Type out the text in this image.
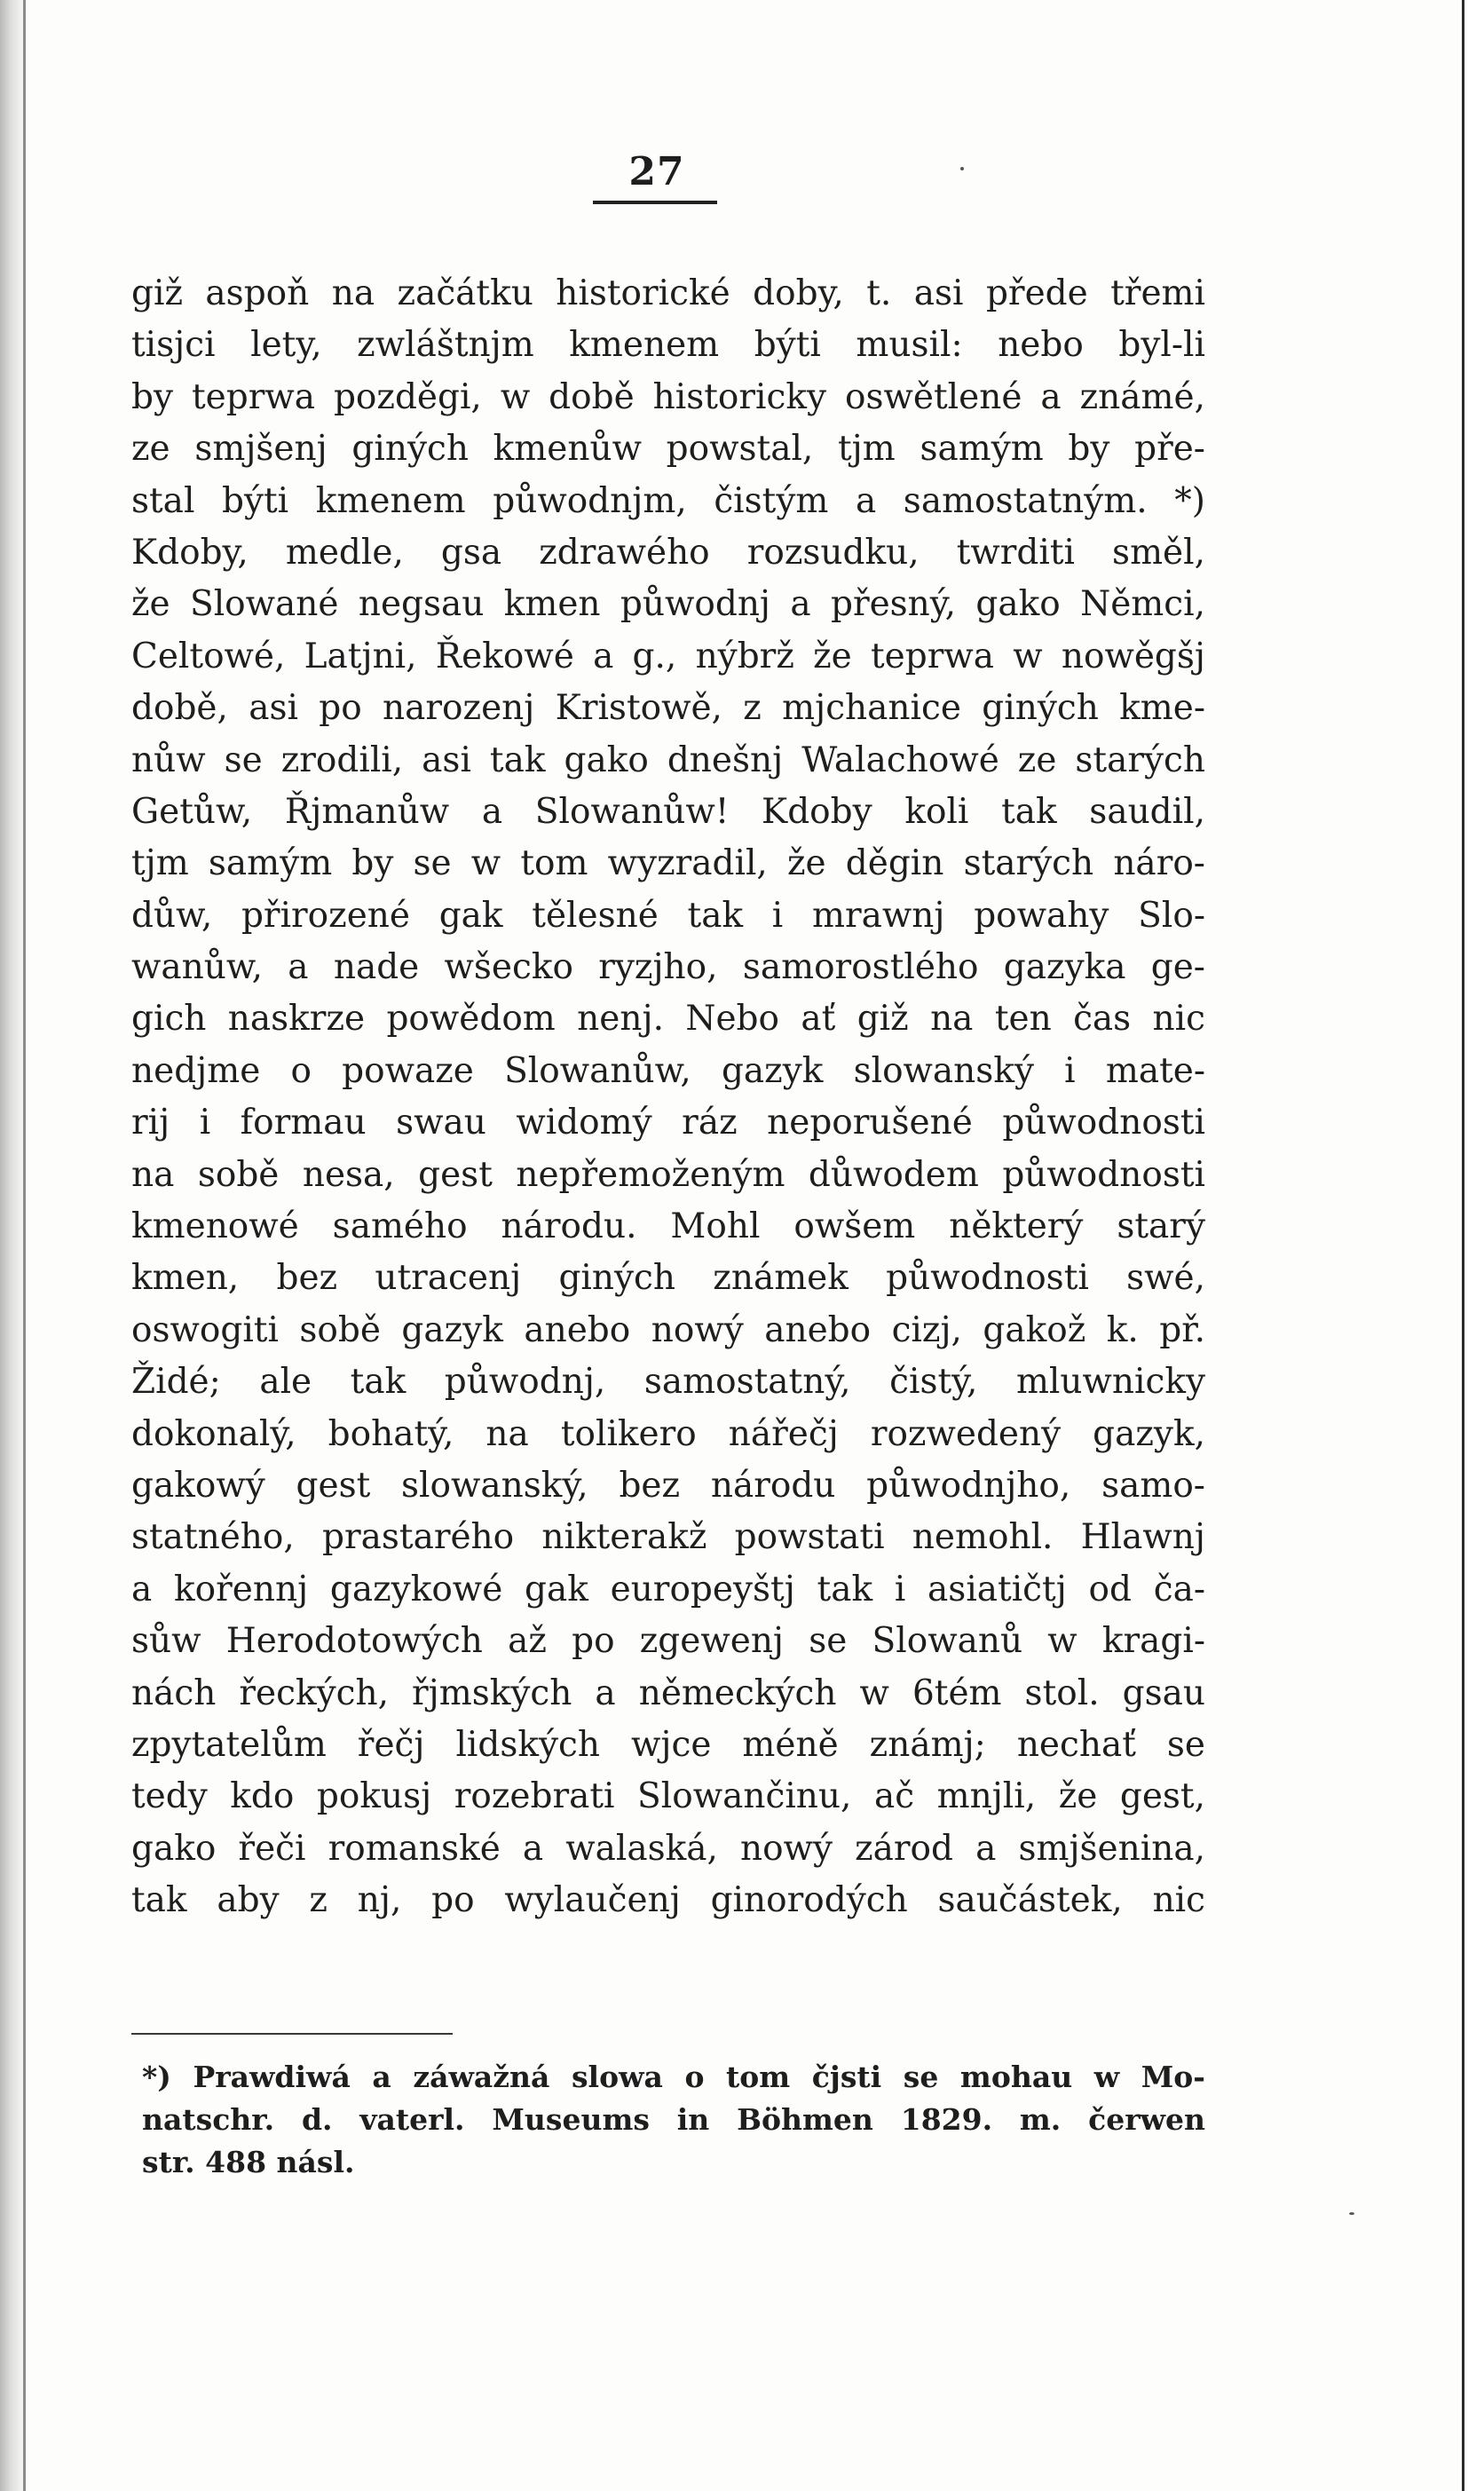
27
giž aspoň na začátku historické doby, t. asi přede třemi
tisjci lety, zwláštnjm kmenem býti musil: nebo byl-li
by teprwa pozděgi, w době historicky oswětlené a známé,
ze smjšenj giných kmenůw powstal, tjm samým by pře-
stal býti kmenem půwodnjm, čistým a samostatným. *)
Kdoby, medle, gsa zdrawého rozsudku, twrditi směl,
že Slowané negsau kmen půwodnj a přesný, gako Němci,
Celtowé, Latjni, Řekowé a g., nýbrž že teprwa w nowěgšj
době, asi po narozenj Kristowě, z mjchanice giných kme-
nůw se zrodili, asi tak gako dnešnj Walachowé ze starých
Getůw, Řjmanůw a Slowanůw! Kdoby koli tak saudil,
tjm samým by se w tom wyzradil, že děgin starých náro-
důw, přirozené gak tělesné tak i mrawnj powahy Slo-
wanůw, a nade wšecko ryzjho, samorostlého gazyka ge-
gich naskrze powědom nenj. Nebo ať giž na ten čas nic
nedjme o powaze Slowanůw, gazyk slowanský i mate-
rij i formau swau widomý ráz neporušené půwodnosti
na sobě nesa, gest nepřemoženým důwodem půwodnosti
kmenowé samého národu. Mohl owšem některý starý
kmen, bez utracenj giných známek půwodnosti swé,
oswogiti sobě gazyk anebo nowý anebo cizj, gakož k. př.
Židé; ale tak půwodnj, samostatný, čistý, mluwnicky
dokonalý, bohatý, na tolikero nářečj rozwedený gazyk,
gakowý gest slowanský, bez národu půwodnjho, samo-
statného, prastarého nikterakž powstati nemohl. Hlawnj
a kořennj gazykowé gak europeyštj tak i asiatičtj od ča-
sůw Herodotowých až po zgewenj se Slowanů w kragi-
nách řeckých, řjmských a německých w 6tém stol. gsau
zpytatelům řečj lidských wjce méně známj; nechať se
tedy kdo pokusj rozebrati Slowančinu, ač mnjli, že gest,
gako řeči romanské a walaská, nowý zárod a smjšenina,
tak aby z nj, po wylaučenj ginorodých saučástek, nic
*) Prawdiwá a záwažná slowa o tom čjsti se mohau w Mo-
natschr. d. vaterl. Museums in Böhmen 1829. m. čerwen
str. 488 násl.
